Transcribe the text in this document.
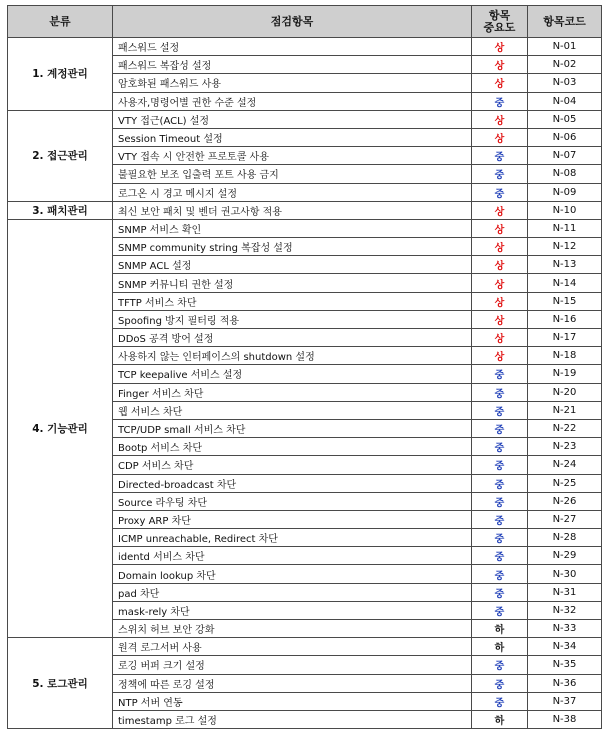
분류	점검항목	항목
중요도	항목코드
1. 계정관리	패스워드 설정	상	N-01
	패스워드 복잡성 설정	상	N-02
	암호화된 패스워드 사용	상	N-03
	사용자,명령어별 권한 수준 설정	중	N-04
2. 접근관리	VTY 접근(ACL) 설정	상	N-05
	Session Timeout 설정	상	N-06
	VTY 접속 시 안전한 프로토콜 사용	중	N-07
	불필요한 보조 입출력 포트 사용 금지	중	N-08
	로그온 시 경고 메시지 설정	중	N-09
3. 패치관리	최신 보안 패치 및 벤더 권고사항 적용	상	N-10
4. 기능관리	SNMP 서비스 확인	상	N-11
	SNMP community string 복잡성 설정	상	N-12
	SNMP ACL 설정	상	N-13
	SNMP 커뮤니티 권한 설정	상	N-14
	TFTP 서비스 차단	상	N-15
	Spoofing 방지 필터링 적용	상	N-16
	DDoS 공격 방어 설정	상	N-17
	사용하지 않는 인터페이스의 shutdown 설정	상	N-18
	TCP keepalive 서비스 설정	중	N-19
	Finger 서비스 차단	중	N-20
	웹 서비스 차단	중	N-21
	TCP/UDP small 서비스 차단	중	N-22
	Bootp 서비스 차단	중	N-23
	CDP 서비스 차단	중	N-24
	Directed-broadcast 차단	중	N-25
	Source 라우팅 차단	중	N-26
	Proxy ARP 차단	중	N-27
	ICMP unreachable, Redirect 차단	중	N-28
	identd 서비스 차단	중	N-29
	Domain lookup 차단	중	N-30
	pad 차단	중	N-31
	mask-rely 차단	중	N-32
	스위치 허브 보안 강화	하	N-33
5. 로그관리	원격 로그서버 사용	하	N-34
	로깅 버퍼 크기 설정	중	N-35
	정책에 따른 로깅 설정	중	N-36
	NTP 서버 연동	중	N-37
	timestamp 로그 설정	하	N-38
